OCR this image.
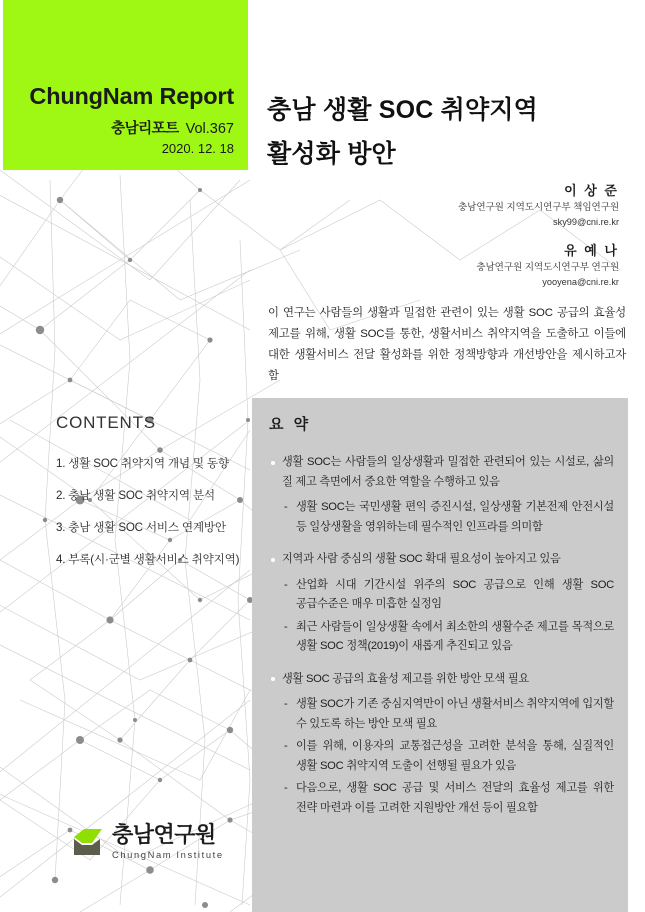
ChungNam Report
충남리포트 Vol.367
2020. 12. 18
충남 생활 SOC 취약지역
활성화 방안
이 상 준
충남연구원 지역도시연구부 책임연구원
sky99@cni.re.kr
유 예 나
충남연구원 지역도시연구부 연구원
yooyena@cni.re.kr

이 연구는 사람들의 생활과 밀접한 관련이 있는 생활 SOC 공급의 효율성 제고를 위해, 생활 SOC를 통한, 생활서비스 취약지역을 도출하고 이들에 대한 생활서비스 전달 활성화를 위한 정책방향과 개선방안을 제시하고자 함

CONTENTS
1. 생활 SOC 취약지역 개념 및 동향
2. 충남 생활 SOC 취약지역 분석
3. 충남 생활 SOC 서비스 연계방안
4. 부록(시·군별 생활서비스 취약지역)
요 약
생활 SOC는 사람들의 일상생활과 밀접한 관련되어 있는 시설로, 삶의 질 제고 측면에서 중요한 역할을 수행하고 있음
- 생활 SOC는 국민생활 편익 증진시설, 일상생활 기본전제 안전시설 등 일상생활을 영위하는데 필수적인 인프라를 의미함
지역과 사람 중심의 생활 SOC 확대 필요성이 높아지고 있음
- 산업화 시대 기간시설 위주의 SOC 공급으로 인해 생활 SOC 공급수준은 매우 미흡한 실정임
- 최근 사람들이 일상생활 속에서 최소한의 생활수준 제고를 목적으로 생활 SOC 정책(2019)이 새롭게 추진되고 있음
생활 SOC 공급의 효율성 제고를 위한 방안 모색 필요
- 생활 SOC가 기존 중심지역만이 아닌 생활서비스 취약지역에 입지할 수 있도록 하는 방안 모색 필요
- 이를 위해, 이용자의 교통접근성을 고려한 분석을 통해, 실질적인 생활 SOC 취약지역 도출이 선행될 필요가 있음
- 다음으로, 생활 SOC 공급 및 서비스 전달의 효율성 제고를 위한 전략 마련과 이를 고려한 지원방안 개선 등이 필요함
충남연구원
ChungNam Institute
